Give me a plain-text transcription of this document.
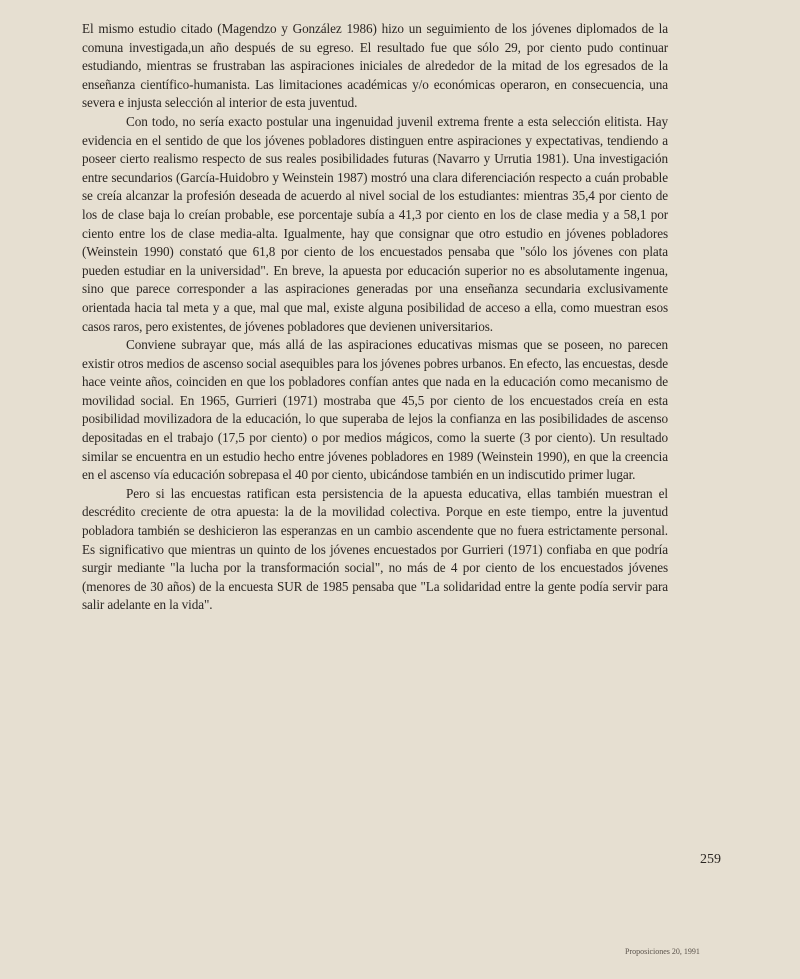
El mismo estudio citado (Magendzo y González 1986) hizo un seguimiento de los jóvenes diplomados de la comuna investigada,un año después de su egreso. El resultado fue que sólo 29, por ciento pudo continuar estudiando, mientras se frustraban las aspiraciones iniciales de alrededor de la mitad de los egresados de la enseñanza científico-humanista. Las limitaciones académicas y/o económicas operaron, en consecuencia, una severa e injusta selección al interior de esta juventud.

Con todo, no sería exacto postular una ingenuidad juvenil extrema frente a esta selección elitista. Hay evidencia en el sentido de que los jóvenes pobladores distinguen entre aspiraciones y expectativas, tendiendo a poseer cierto realismo respecto de sus reales posibilidades futuras (Navarro y Urrutia 1981). Una investigación entre secundarios (García-Huidobro y Weinstein 1987) mostró una clara diferenciación respecto a cuán probable se creía alcanzar la profesión deseada de acuerdo al nivel social de los estudiantes: mientras 35,4 por ciento de los de clase baja lo creían probable, ese porcentaje subía a 41,3 por ciento en los de clase media y a 58,1 por ciento entre los de clase media-alta. Igualmente, hay que consignar que otro estudio en jóvenes pobladores (Weinstein 1990) constató que 61,8 por ciento de los encuestados pensaba que "sólo los jóvenes con plata pueden estudiar en la universidad". En breve, la apuesta por educación superior no es absolutamente ingenua, sino que parece corresponder a las aspiraciones generadas por una enseñanza secundaria exclusivamente orientada hacia tal meta y a que, mal que mal, existe alguna posibilidad de acceso a ella, como muestran esos casos raros, pero existentes, de jóvenes pobladores que devienen universitarios.

Conviene subrayar que, más allá de las aspiraciones educativas mismas que se poseen, no parecen existir otros medios de ascenso social asequibles para los jóvenes pobres urbanos. En efecto, las encuestas, desde hace veinte años, coinciden en que los pobladores confían antes que nada en la educación como mecanismo de movilidad social. En 1965, Gurrieri (1971) mostraba que 45,5 por ciento de los encuestados creía en esta posibilidad movilizadora de la educación, lo que superaba de lejos la confianza en las posibilidades de ascenso depositadas en el trabajo (17,5 por ciento) o por medios mágicos, como la suerte (3 por ciento). Un resultado similar se encuentra en un estudio hecho entre jóvenes pobladores en 1989 (Weinstein 1990), en que la creencia en el ascenso vía educación sobrepasa el 40 por ciento, ubicándose también en un indiscutido primer lugar.

Pero si las encuestas ratifican esta persistencia de la apuesta educativa, ellas también muestran el descrédito creciente de otra apuesta: la de la movilidad colectiva. Porque en este tiempo, entre la juventud pobladora también se deshicieron las esperanzas en un cambio ascendente que no fuera estrictamente personal. Es significativo que mientras un quinto de los jóvenes encuestados por Gurrieri (1971) confiaba en que podría surgir mediante "la lucha por la transformación social", no más de 4 por ciento de los encuestados jóvenes (menores de 30 años) de la encuesta SUR de 1985 pensaba que "La solidaridad entre la gente podía servir para salir adelante en la vida".

259
Proposiciones 20, 1991
